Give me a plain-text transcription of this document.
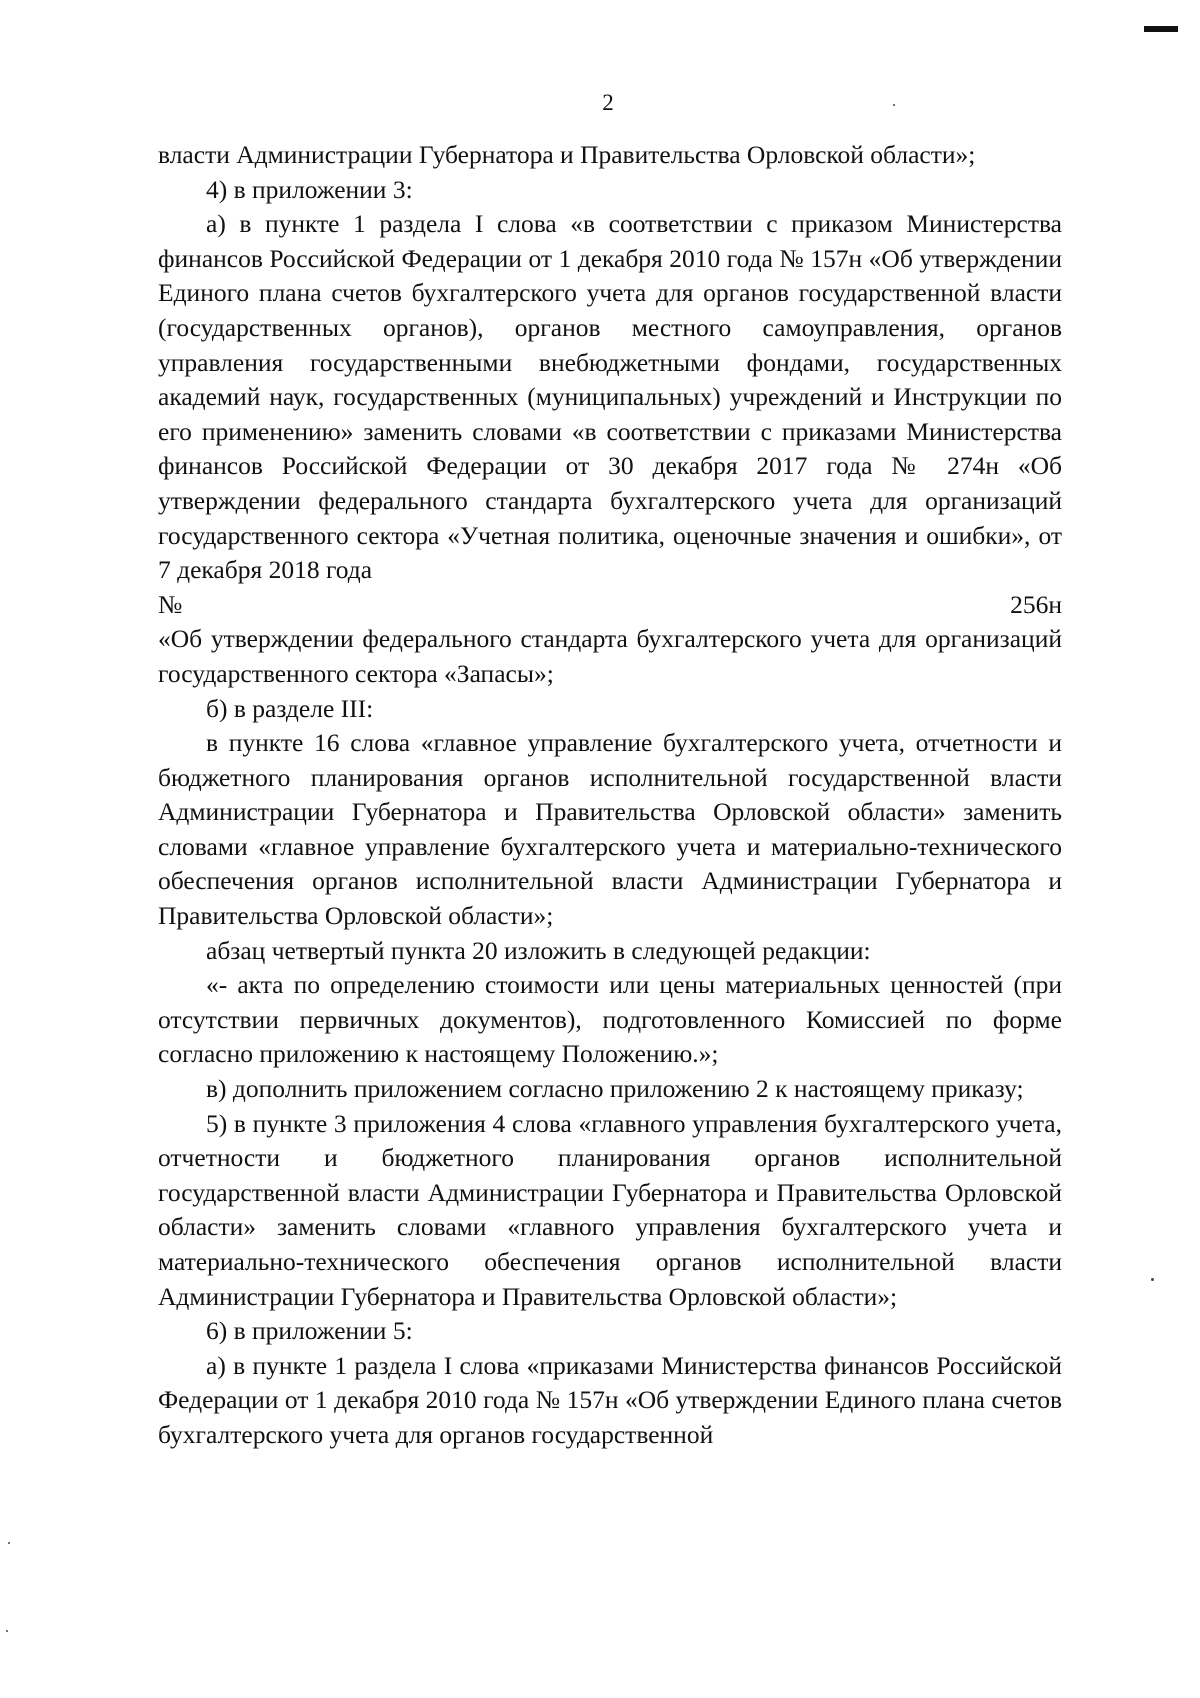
2

власти Администрации Губернатора и Правительства Орловской области»;

4) в приложении 3:

а) в пункте 1 раздела I слова «в соответствии с приказом Министерства финансов Российской Федерации от 1 декабря 2010 года № 157н «Об утверждении Единого плана счетов бухгалтерского учета для органов государственной власти (государственных органов), органов местного самоуправления, органов управления государственными внебюджетными фондами, государственных академий наук, государственных (муниципальных) учреждений и Инструкции по его применению» заменить словами «в соответствии с приказами Министерства финансов Российской Федерации от 30 декабря 2017 года № 274н «Об утверждении федерального стандарта бухгалтерского учета для организаций государственного сектора «Учетная политика, оценочные значения и ошибки», от 7 декабря 2018 года

№	256н

«Об утверждении федерального стандарта бухгалтерского учета для организаций государственного сектора «Запасы»;

б) в разделе III:

в пункте 16 слова «главное управление бухгалтерского учета, отчетности и бюджетного планирования органов исполнительной государственной власти Администрации Губернатора и Правительства Орловской области» заменить словами «главное управление бухгалтерского учета и материально-технического обеспечения органов исполнительной власти Администрации Губернатора и Правительства Орловской области»;

абзац четвертый пункта 20 изложить в следующей редакции:

«- акта по определению стоимости или цены материальных ценностей (при отсутствии первичных документов), подготовленного Комиссией по форме согласно приложению к настоящему Положению.»;

в) дополнить приложением согласно приложению 2 к настоящему приказу;

5) в пункте 3 приложения 4 слова «главного управления бухгалтерского учета, отчетности и бюджетного планирования органов исполнительной государственной власти Администрации Губернатора и Правительства Орловской области» заменить словами «главного управления бухгалтерского учета и материально-технического обеспечения органов исполнительной власти Администрации Губернатора и Правительства Орловской области»;

6) в приложении 5:

а) в пункте 1 раздела I слова «приказами Министерства финансов Российской Федерации от 1 декабря 2010 года № 157н «Об утверждении Единого плана счетов бухгалтерского учета для органов государственной
